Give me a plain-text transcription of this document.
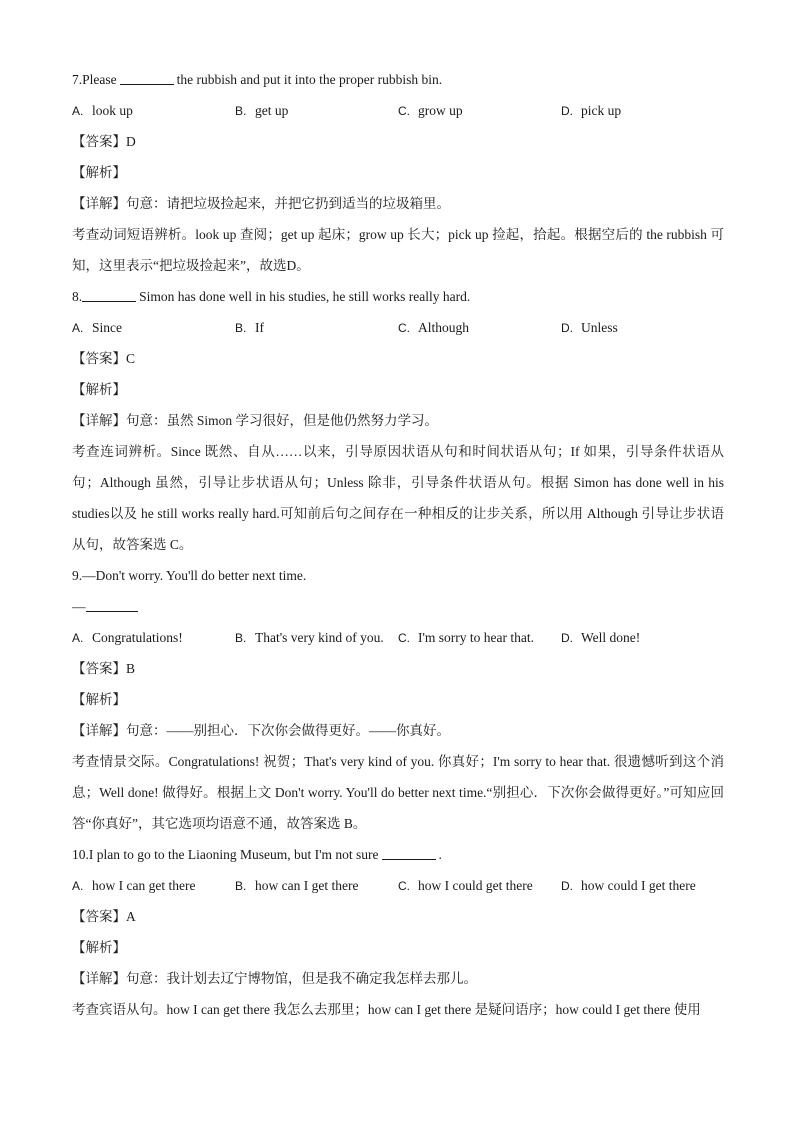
7.Please	the rubbish and put it into the proper rubbish bin.
A. look up	B. get up	C. grow up	D. pick up
【答案】D
【解析】
【详解】句意：请把垃圾捡起来，并把它扔到适当的垃圾箱里。
考查动词短语辨析。look up 查阅；get up 起床；grow up 长大；pick up 捡起，拾起。根据空后的 the rubbish 可知，这里表示“把垃圾捡起来”，故选D。
8.	Simon has done well in his studies, he still works really hard.
A. Since	B. If	C. Although	D. Unless
【答案】C
【解析】
【详解】句意：虽然 Simon 学习很好，但是他仍然努力学习。
考查连词辨析。Since 既然、自从……以来，引导原因状语从句和时间状语从句；If 如果，引导条件状语从句；Although 虽然，引导让步状语从句；Unless 除非，引导条件状语从句。根据 Simon has done well in his studies以及 he still works really hard.可知前后句之间存在一种相反的让步关系，所以用 Although 引导让步状语从句，故答案选 C。
9.—Don't worry. You'll do better next time.
—
A. Congratulations!	B. That's very kind of you.	C. I'm sorry to hear that.	D. Well done!
【答案】B
【解析】
【详解】句意：——别担心．下次你会做得更好。——你真好。
考查情景交际。Congratulations! 祝贺；That's very kind of you. 你真好；I'm sorry to hear that. 很遗憾听到这个消息；Well done! 做得好。根据上文 Don't worry. You'll do better next time.“别担心．下次你会做得更好。”可知应回答“你真好”，其它选项均语意不通，故答案选 B。
10.I plan to go to the Liaoning Museum, but I'm not sure	.
A. how I can get there	B. how can I get there	C. how I could get there	D. how could I get there
【答案】A
【解析】
【详解】句意：我计划去辽宁博物馆，但是我不确定我怎样去那儿。
考查宾语从句。how I can get there 我怎么去那里；how can I get there 是疑问语序；how could I get there 使用
